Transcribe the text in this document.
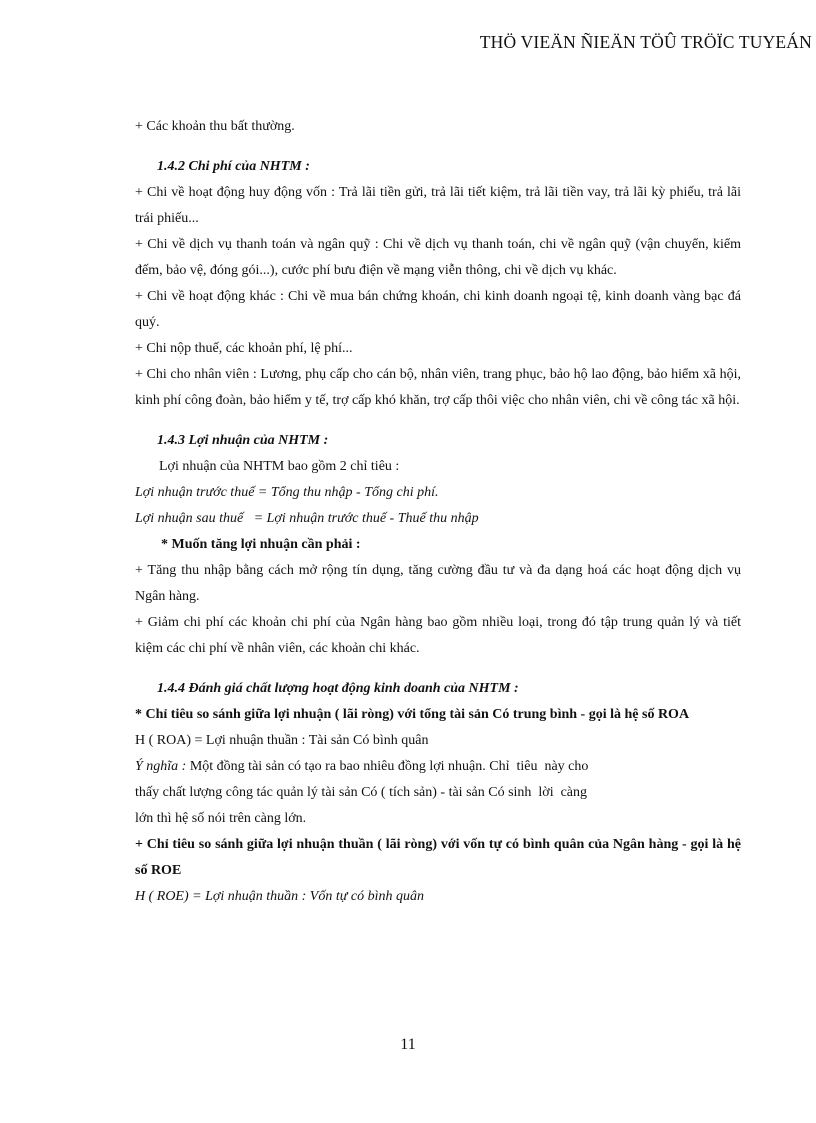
THÖ VIEÄN ÑIEÄN TÖÛ TRÖÏC TUYEÁN

+ Các khoản thu bất thường.

1.4.2 Chi phí của NHTM :

+ Chi về hoạt động huy động vốn : Trả lãi tiền gửi, trả lãi tiết kiệm, trả lãi tiền vay, trả lãi kỳ phiếu, trả lãi trái phiếu...

+ Chi về dịch vụ thanh toán và ngân quỹ : Chi về dịch vụ thanh toán, chi về ngân quỹ (vận chuyển, kiểm đếm, bảo vệ, đóng gói...), cước phí bưu điện về mạng viễn thông, chi về dịch vụ khác.

+ Chi về hoạt động khác : Chi về mua bán chứng khoán, chi kinh doanh ngoại tệ, kinh doanh vàng bạc đá quý.

+ Chi nộp thuế, các khoản phí, lệ phí...

+ Chi cho nhân viên : Lương, phụ cấp cho cán bộ, nhân viên, trang phục, bảo hộ lao động, bảo hiểm xã hội, kinh phí công đoàn, bảo hiểm y tế, trợ cấp khó khăn, trợ cấp thôi việc cho nhân viên, chi về công tác xã hội.

1.4.3 Lợi nhuận của NHTM :

Lợi nhuận của NHTM bao gồm 2 chỉ tiêu :

Lợi nhuận trước thuế = Tổng thu nhập - Tổng chi phí.

Lợi nhuận sau thuế   = Lợi nhuận trước thuế - Thuế thu nhập

* Muốn tăng lợi nhuận cần phải :

+ Tăng thu nhập bằng cách mở rộng tín dụng, tăng cường đầu tư và đa dạng hoá các hoạt động dịch vụ Ngân hàng.

+ Giảm chi phí các khoản chi phí của Ngân hàng bao gồm nhiều loại, trong đó tập trung quản lý và tiết kiệm các chi phí về nhân viên, các khoản chi khác.

1.4.4 Đánh giá chất lượng hoạt động kinh doanh của NHTM :

* Chỉ tiêu so sánh giữa lợi nhuận ( lãi ròng) với tổng tài sản Có trung bình - gọi là hệ số ROA

H ( ROA) = Lợi nhuận thuần : Tài sản Có bình quân

Ý nghĩa : Một đồng tài sản có tạo ra bao nhiêu đồng lợi nhuận. Chỉ  tiêu  này cho

thấy chất lượng công tác quản lý tài sản Có ( tích sản) - tài sản Có sinh  lời  càng

lớn thì hệ số nói trên càng lớn.

+ Chỉ tiêu so sánh giữa lợi nhuận thuần ( lãi ròng) với vốn tự có bình quân của Ngân hàng - gọi là hệ số ROE

H ( ROE) = Lợi nhuận thuần : Vốn tự có bình quân

11
